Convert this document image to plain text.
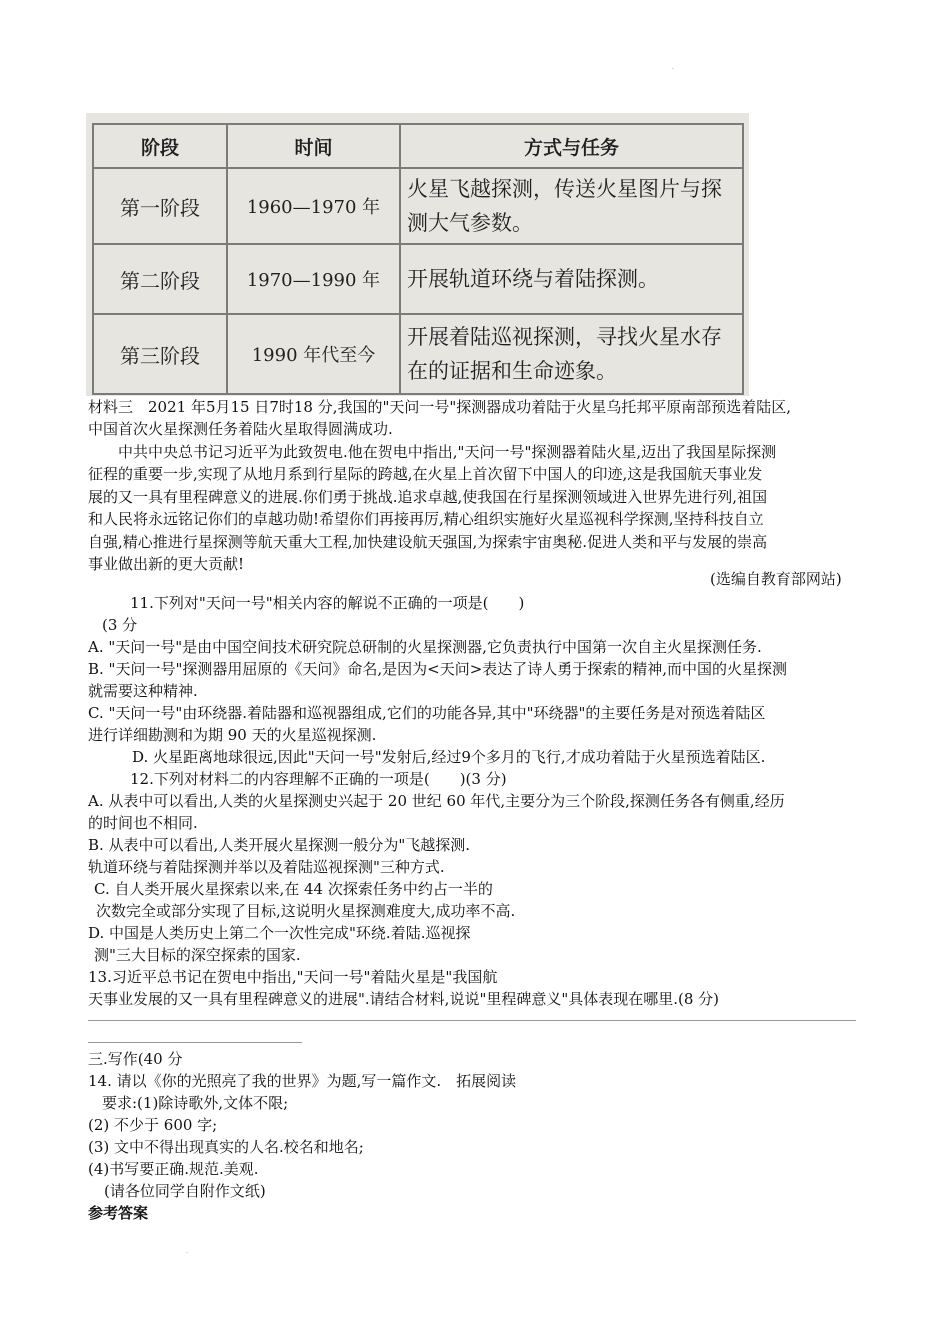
·
阶段	时间	方式与任务
第一阶段	1960—1970 年	火星飞越探测，传送火星图片与探测大气参数。
第二阶段	1970—1990 年	开展轨道环绕与着陆探测。
第三阶段	1990 年代至今	开展着陆巡视探测，寻找火星水存在的证据和生命迹象。
材料三　2021 年5月15 日7时18 分,我国的"天问一号"探测器成功着陆于火星乌托邦平原南部预选着陆区,
中国首次火星探测任务着陆火星取得圆满成功.
　　中共中央总书记习近平为此致贺电.他在贺电中指出,"天问一号"探测器着陆火星,迈出了我国星际探测
征程的重要一步,实现了从地月系到行星际的跨越,在火星上首次留下中国人的印迹,这是我国航天事业发
展的又一具有里程碑意义的进展.你们勇于挑战.追求卓越,使我国在行星探测领域进入世界先进行列,祖国
和人民将永远铭记你们的卓越功勋!希望你们再接再厉,精心组织实施好火星巡视科学探测,坚持科技自立
自强,精心推进行星探测等航天重大工程,加快建设航天强国,为探索宇宙奥秘.促进人类和平与发展的崇高
事业做出新的更大贡献!
(选编自教育部网站)
11.下列对"天问一号"相关内容的解说不正确的一项是(　　)
(3 分
A. "天问一号"是由中国空间技术研究院总研制的火星探测器,它负责执行中国第一次自主火星探测任务.
B. "天问一号"探测器用屈原的《天问》命名,是因为<天问>表达了诗人勇于探索的精神,而中国的火星探测
就需要这种精神.
C. "天问一号"由环绕器.着陆器和巡视器组成,它们的功能各异,其中"环绕器"的主要任务是对预选着陆区
进行详细勘测和为期 90 天的火星巡视探测.
D. 火星距离地球很远,因此"天问一号"发射后,经过9个多月的飞行,才成功着陆于火星预选着陆区.
12.下列对材料二的内容理解不正确的一项是(　　)(3 分)
A. 从表中可以看出,人类的火星探测史兴起于 20 世纪 60 年代,主要分为三个阶段,探测任务各有侧重,经历
的时间也不相同.
B. 从表中可以看出,人类开展火星探测一般分为"飞越探测.
轨道环绕与着陆探测并举以及着陆巡视探测"三种方式.
C. 自人类开展火星探索以来,在 44 次探索任务中约占一半的
次数完全或部分实现了目标,这说明火星探测难度大,成功率不高.
D. 中国是人类历史上第二个一次性完成"环绕.着陆.巡视探
测"三大目标的深空探索的国家.
13.习近平总书记在贺电中指出,"天问一号"着陆火星是"我国航
天事业发展的又一具有里程碑意义的进展".请结合材料,说说"里程碑意义"具体表现在哪里.(8 分)
三.写作(40 分
14. 请以《你的光照亮了我的世界》为题,写一篇作文.　拓展阅读
要求:(1)除诗歌外,文体不限;
(2) 不少于 600 字;
(3) 文中不得出现真实的人名.校名和地名;
(4)书写要正确.规范.美观.
(请各位同学自附作文纸)
参考答案
·
